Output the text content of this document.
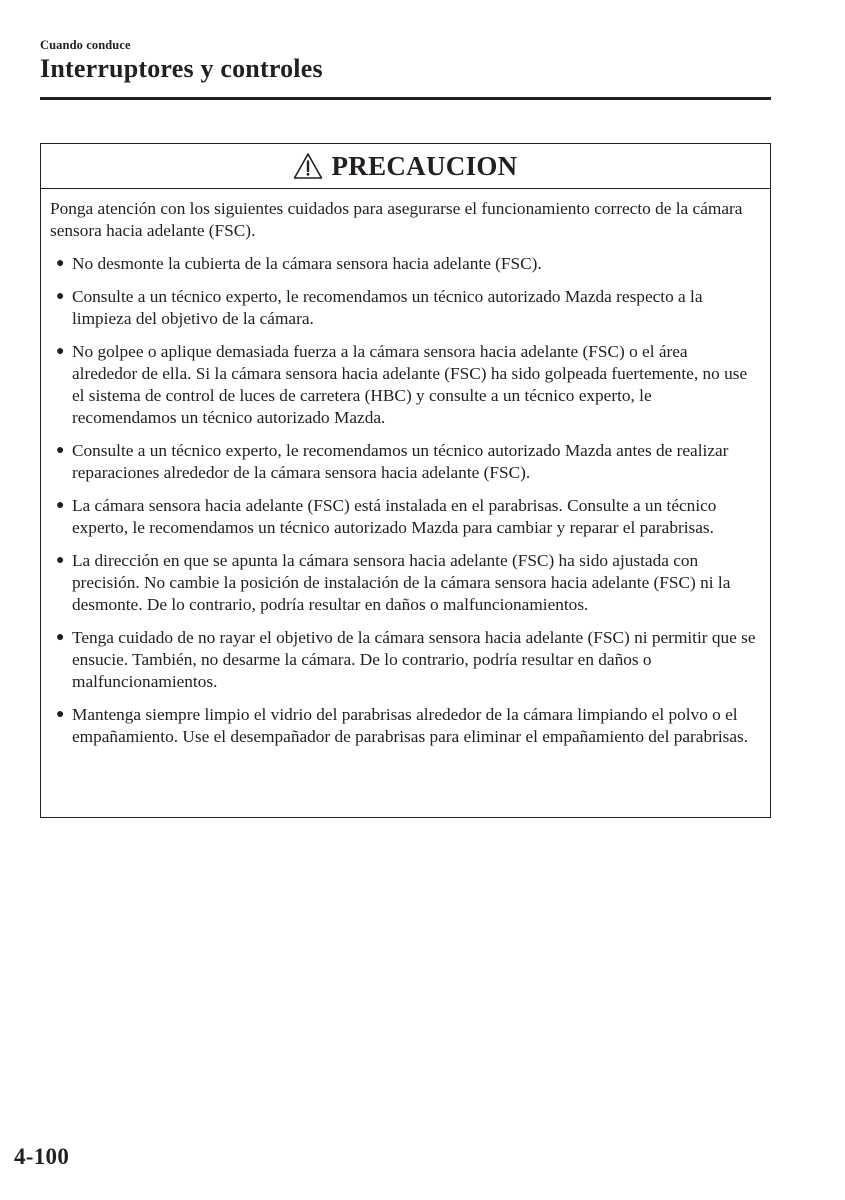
Cuando conduce
Interruptores y controles
PRECAUCION

Ponga atención con los siguientes cuidados para asegurarse el funcionamiento correcto de la cámara sensora hacia adelante (FSC).

● No desmonte la cubierta de la cámara sensora hacia adelante (FSC).
● Consulte a un técnico experto, le recomendamos un técnico autorizado Mazda respecto a la limpieza del objetivo de la cámara.
● No golpee o aplique demasiada fuerza a la cámara sensora hacia adelante (FSC) o el área alrededor de ella. Si la cámara sensora hacia adelante (FSC) ha sido golpeada fuertemente, no use el sistema de control de luces de carretera (HBC) y consulte a un técnico experto, le recomendamos un técnico autorizado Mazda.
● Consulte a un técnico experto, le recomendamos un técnico autorizado Mazda antes de realizar reparaciones alrededor de la cámara sensora hacia adelante (FSC).
● La cámara sensora hacia adelante (FSC) está instalada en el parabrisas. Consulte a un técnico experto, le recomendamos un técnico autorizado Mazda para cambiar y reparar el parabrisas.
● La dirección en que se apunta la cámara sensora hacia adelante (FSC) ha sido ajustada con precisión. No cambie la posición de instalación de la cámara sensora hacia adelante (FSC) ni la desmonte. De lo contrario, podría resultar en daños o malfuncionamientos.
● Tenga cuidado de no rayar el objetivo de la cámara sensora hacia adelante (FSC) ni permitir que se ensucie. También, no desarme la cámara. De lo contrario, podría resultar en daños o malfuncionamientos.
● Mantenga siempre limpio el vidrio del parabrisas alrededor de la cámara limpiando el polvo o el empañamiento. Use el desempañador de parabrisas para eliminar el empañamiento del parabrisas.
4-100
